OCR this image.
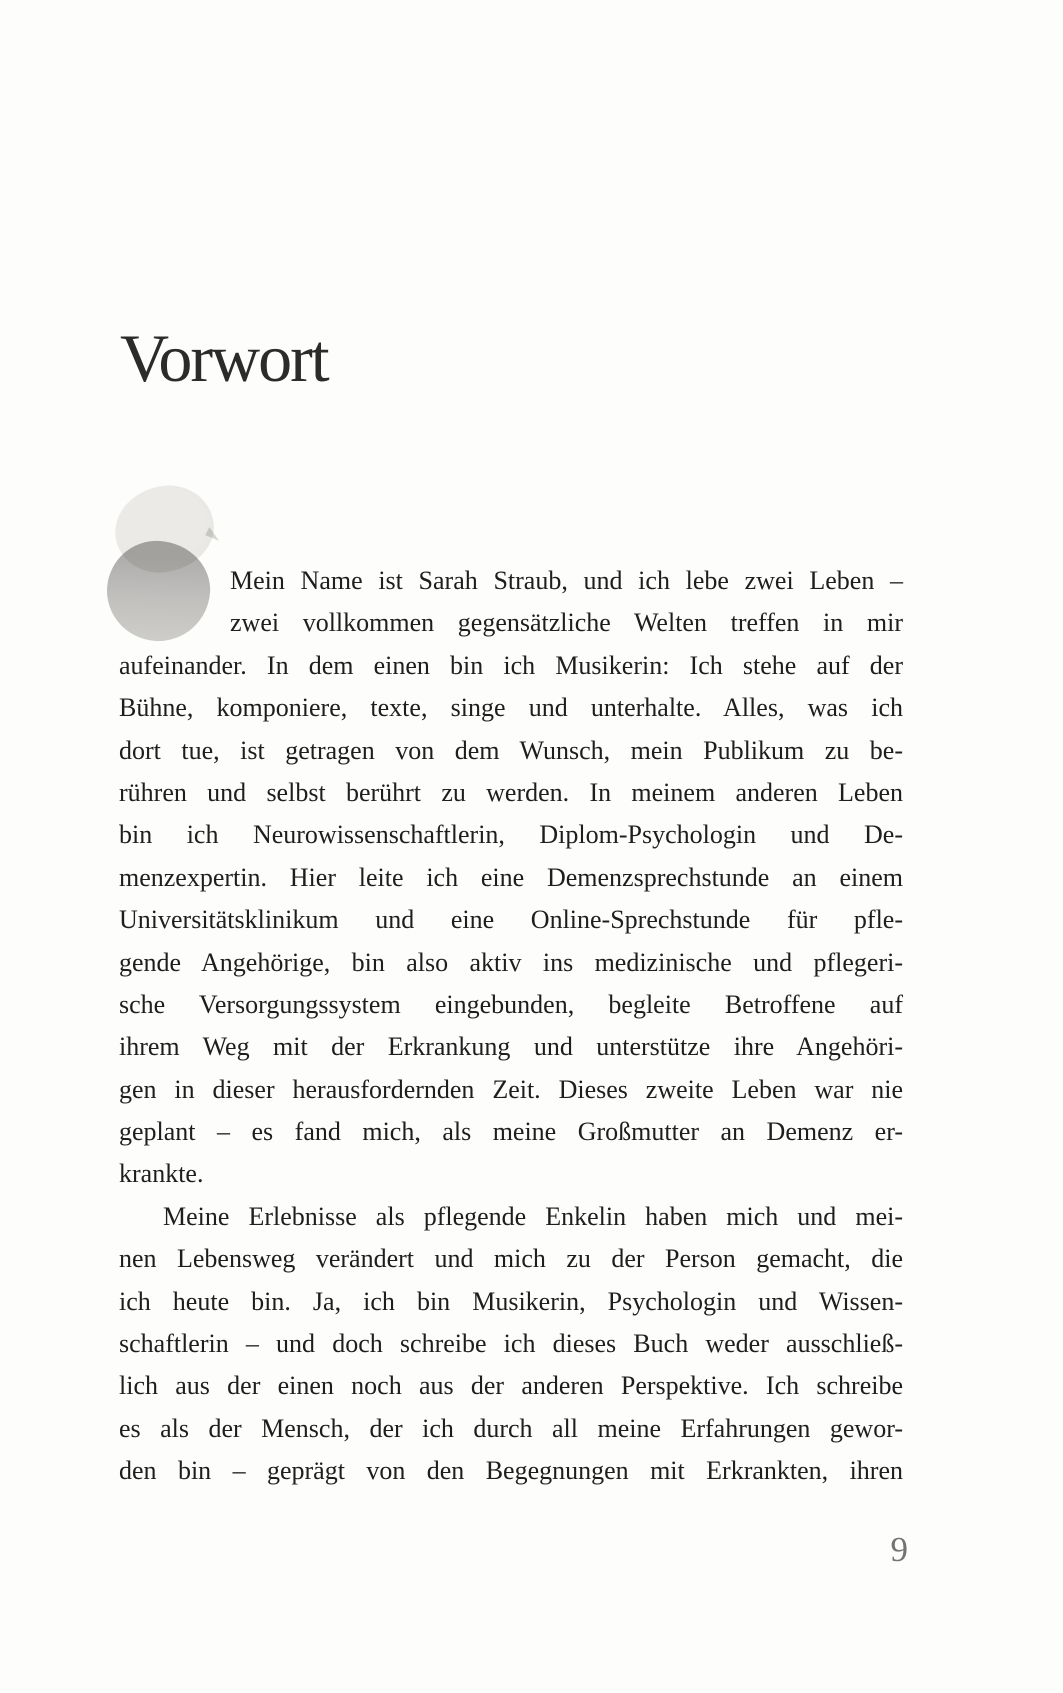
Vorwort
Mein Name ist Sarah Straub, und ich lebe zwei Leben –
zwei vollkommen gegensätzliche Welten treffen in mir
aufeinander. In dem einen bin ich Musikerin: Ich stehe auf der
Bühne, komponiere, texte, singe und unterhalte. Alles, was ich
dort tue, ist getragen von dem Wunsch, mein Publikum zu be-
rühren und selbst berührt zu werden. In meinem anderen Leben
bin ich Neurowissenschaftlerin, Diplom-Psychologin und De-
menzexpertin. Hier leite ich eine Demenzsprechstunde an einem
Universitätsklinikum und eine Online-Sprechstunde für pfle-
gende Angehörige, bin also aktiv ins medizinische und pflegeri-
sche Versorgungssystem eingebunden, begleite Betroffene auf
ihrem Weg mit der Erkrankung und unterstütze ihre Angehöri-
gen in dieser herausfordernden Zeit. Dieses zweite Leben war nie
geplant – es fand mich, als meine Großmutter an Demenz er-
krankte.
Meine Erlebnisse als pflegende Enkelin haben mich und mei-
nen Lebensweg verändert und mich zu der Person gemacht, die
ich heute bin. Ja, ich bin Musikerin, Psychologin und Wissen-
schaftlerin – und doch schreibe ich dieses Buch weder ausschließ-
lich aus der einen noch aus der anderen Perspektive. Ich schreibe
es als der Mensch, der ich durch all meine Erfahrungen gewor-
den bin – geprägt von den Begegnungen mit Erkrankten, ihren
9
